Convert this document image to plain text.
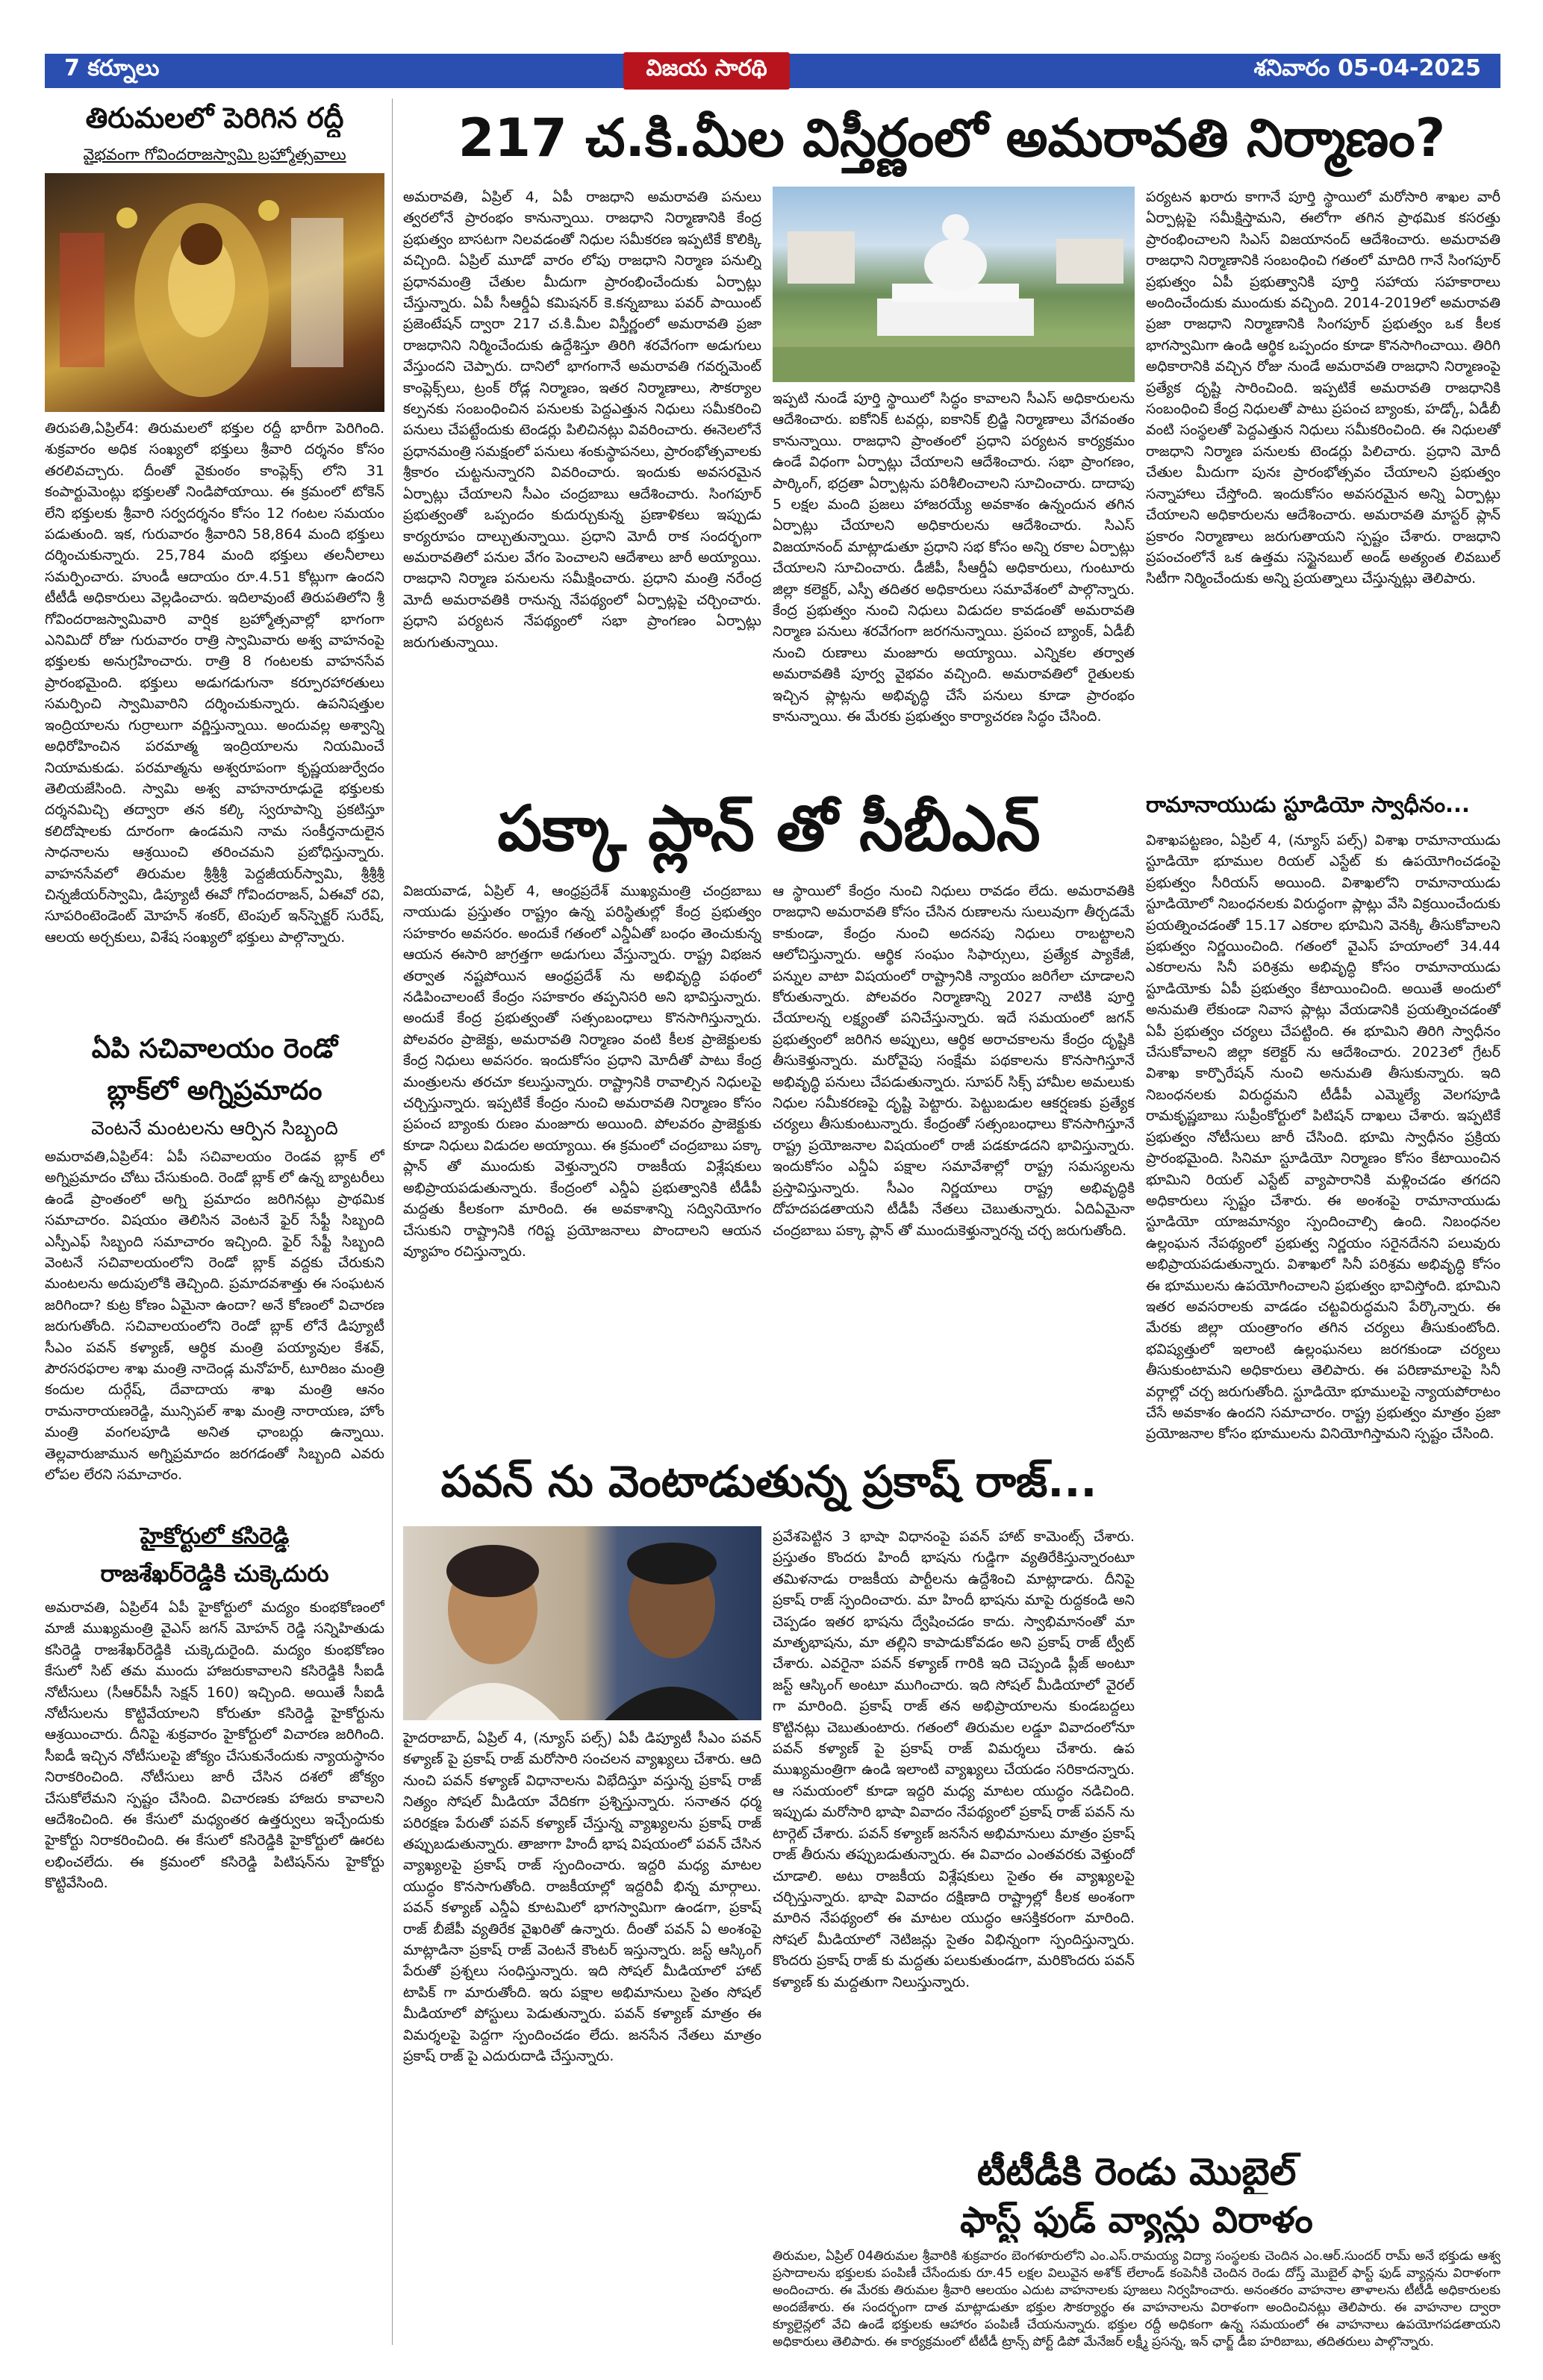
7 కర్నూలు	విజయ సారథి	శనివారం 05-04-2025
తిరుమలలో పెరిగిన రద్దీ
వైభవంగా గోవిందరాజస్వామి బ్రహ్మోత్సవాలు

తిరుపతి,ఏప్రిల్4: తిరుమలలో భక్తుల రద్దీ భారీగా పెరిగింది. శుక్రవారం అధిక సంఖ్యలో భక్తులు శ్రీవారి దర్శనం కోసం తరలివచ్చారు. దీంతో వైకుంఠం కాంప్లెక్స్ లోని 31 కంపార్టుమెంట్లు భక్తులతో నిండిపోయాయి. ఈ క్రమంలో టోకెన్ లేని భక్తులకు శ్రీవారి సర్వదర్శనం కోసం 12 గంటల సమయం పడుతుంది. ఇక, గురువారం శ్రీవారిని 58,864 మంది భక్తులు దర్శించుకున్నారు. 25,784 మంది భక్తులు తలనీలాలు సమర్పించారు. హుండీ ఆదాయం రూ.4.51 కోట్లుగా ఉందని టీటీడీ అధికారులు వెల్లడించారు. ఇదిలావుంటే తిరుపతిలోని శ్రీ గోవిందరాజస్వామివారి వార్షిక బ్రహ్మోత్సవాల్లో భాగంగా ఎనిమిదో రోజు గురువారం రాత్రి స్వామివారు అశ్వ వాహనంపై భక్తులకు అనుగ్రహించారు. రాత్రి 8 గంటలకు వాహనసేవ ప్రారంభమైంది. భక్తులు అడుగడుగునా కర్పూరహారతులు సమర్పించి స్వామివారిని దర్శించుకున్నారు. ఉపనిషత్తుల ఇంద్రియాలను గుర్రాలుగా వర్ణిస్తున్నాయి. అందువల్ల అశ్వాన్ని అధిరోహించిన పరమాత్మ ఇంద్రియాలను నియమించే నియామకుడు. పరమాత్మను అశ్వరూపంగా కృష్ణయజుర్వేదం తెలియజేసింది. స్వామి అశ్వ వాహనారూఢుడై భక్తులకు దర్శనమిచ్చి తద్వారా తన కల్కి స్వరూపాన్ని ప్రకటిస్తూ కలిదోషాలకు దూరంగా ఉండమని నామ సంకీర్తనాదులైన సాధనాలను ఆశ్రయించి తరించమని ప్రబోధిస్తున్నారు. వాహనసేవలో తిరుమల శ్రీశ్రీశ్రీ పెద్దజీయర్‌స్వామి, శ్రీశ్రీశ్రీ చిన్నజీయర్‌స్వామి, డిప్యూటీ ఈవో గోవిందరాజన్, ఏఈవో రవి, సూపరింటెండెంట్ మోహన్ శంకర్, టెంపుల్ ఇన్‌స్పెక్టర్ సురేష్, ఆలయ అర్చకులు, విశేష సంఖ్యలో భక్తులు పాల్గొన్నారు.

ఏపి సచివాలయం రెండో
బ్లాక్‌లో అగ్నిప్రమాదం
వెంటనే మంటలను ఆర్పిన సిబ్బంది

అమరావతి,ఏప్రిల్4: ఏపీ సచివాలయం రెండవ బ్లాక్ లో అగ్నిప్రమాదం చోటు చేసుకుంది. రెండో బ్లాక్ లో ఉన్న బ్యాటరీలు ఉండే ప్రాంతంలో అగ్ని ప్రమాదం జరిగినట్లు ప్రాథమిక సమాచారం. విషయం తెలిసిన వెంటనే ఫైర్ సేఫ్టీ సిబ్బంది ఎస్పీఎఫ్ సిబ్బంది సమాచారం ఇచ్చింది. ఫైర్ సేఫ్టీ సిబ్బంది వెంటనే సచివాలయంలోని రెండో బ్లాక్ వద్దకు చేరుకుని మంటలను అదుపులోకి తెచ్చింది. ప్రమాదవశాత్తు ఈ సంఘటన జరిగిందా? కుట్ర కోణం ఏమైనా ఉందా? అనే కోణంలో విచారణ జరుగుతోంది. సచివాలయంలోని రెండో బ్లాక్ లోనే డిప్యూటీ సీఎం పవన్ కళ్యాణ్, ఆర్థిక మంత్రి పయ్యావుల కేశవ్, పౌరసరఫరాల శాఖ మంత్రి నాదెండ్ల మనోహర్, టూరిజం మంత్రి కందుల దుర్గేష్, దేవాదాయ శాఖ మంత్రి ఆనం రామనారాయణరెడ్డి, మున్సిపల్ శాఖ మంత్రి నారాయణ, హోం మంత్రి వంగలపూడి అనిత ఛాంబర్లు ఉన్నాయి. తెల్లవారుజామున అగ్నిప్రమాదం జరగడంతో సిబ్బంది ఎవరు లోపల లేరని సమాచారం.

హైకోర్టులో కసిరెడ్డి
రాజశేఖర్‌రెడ్డికి చుక్కెదురు

అమరావతి, ఏప్రిల్4 ఏపీ హైకోర్టులో మద్యం కుంభకోణంలో మాజీ ముఖ్యమంత్రి వైఎస్ జగన్ మోహన్ రెడ్డి సన్నిహితుడు కసిరెడ్డి రాజశేఖర్‌రెడ్డికి చుక్కెదురైంది. మద్యం కుంభకోణం కేసులో సిట్ తమ ముందు హాజరుకావాలని కసిరెడ్డికి సీఐడీ నోటీసులు (సీఆర్‌పీసీ సెక్షన్ 160) ఇచ్చింది. అయితే సీఐడీ నోటీసులను కొట్టివేయాలని కోరుతూ కసిరెడ్డి హైకోర్టును ఆశ్రయించారు. దీనిపై శుక్రవారం హైకోర్టులో విచారణ జరిగింది. సీఐడీ ఇచ్చిన నోటీసులపై జోక్యం చేసుకునేందుకు న్యాయస్థానం నిరాకరించింది. నోటీసులు జారీ చేసిన దశలో జోక్యం చేసుకోలేమని స్పష్టం చేసింది. విచారణకు హాజరు కావాలని ఆదేశించింది. ఈ కేసులో మధ్యంతర ఉత్తర్వులు ఇచ్చేందుకు హైకోర్టు నిరాకరించింది. ఈ కేసులో కసిరెడ్డికి హైకోర్టులో ఊరట లభించలేదు. ఈ క్రమంలో కసిరెడ్డి పిటిషన్‌ను హైకోర్టు కొట్టివేసింది.

217 చ.కి.మీల విస్తీర్ణంలో అమరావతి నిర్మాణం?

అమరావతి, ఏప్రిల్ 4, ఏపీ రాజధాని అమరావతి పనులు త్వరలోనే ప్రారంభం కానున్నాయి. రాజధాని నిర్మాణానికి కేంద్ర ప్రభుత్వం బాసటగా నిలవడంతో నిధుల సమీకరణ ఇప్పటికే కొలిక్కి వచ్చింది. ఏప్రిల్ మూడో వారం లోపు రాజధాని నిర్మాణ పనుల్ని ప్రధానమంత్రి చేతుల మీదుగా ప్రారంభించేందుకు ఏర్పాట్లు చేస్తున్నారు. ఏపీ సీఆర్డీఏ కమిషనర్ కె.కన్నబాబు పవర్ పాయింట్ ప్రజెంటేషన్ ద్వారా 217 చ.కి.మీల విస్తీర్ణంలో అమరావతి ప్రజా రాజధానిని నిర్మించేందుకు ఉద్దేశిస్తూ తిరిగి శరవేగంగా అడుగులు వేస్తుందని చెప్పారు. దానిలో భాగంగానే అమరావతి గవర్నమెంట్ కాంప్లెక్స్‌లు, ట్రంక్ రోడ్ల నిర్మాణం, ఇతర నిర్మాణాలు, సౌకర్యాల కల్పనకు సంబంధించిన పనులకు పెద్దఎత్తున నిధులు సమీకరించి పనులు చేపట్టేందుకు టెండర్లు పిలిచినట్లు వివరించారు. ఈనెలలోనే ప్రధానమంత్రి సమక్షంలో పనులు శంకుస్థాపనలు, ప్రారంభోత్సవాలకు శ్రీకారం చుట్టనున్నారని వివరించారు. ఇందుకు అవసరమైన ఏర్పాట్లు చేయాలని సీఎం చంద్రబాబు ఆదేశించారు. సింగపూర్ ప్రభుత్వంతో ఒప్పందం కుదుర్చుకున్న ప్రణాళికలు ఇప్పుడు కార్యరూపం దాల్చుతున్నాయి. ప్రధాని మోదీ రాక సందర్భంగా అమరావతిలో పనుల వేగం పెంచాలని ఆదేశాలు జారీ అయ్యాయి. రాజధాని నిర్మాణ పనులను సమీక్షించారు. ప్రధాని మంత్రి నరేంద్ర మోదీ అమరావతికి రానున్న నేపథ్యంలో ఏర్పాట్లపై చర్చించారు. ప్రధాని పర్యటన నేపథ్యంలో సభా ప్రాంగణం ఏర్పాట్లు జరుగుతున్నాయి.

ఇప్పటి నుండే పూర్తి స్థాయిలో సిద్ధం కావాలని సీఎస్ అధికారులను ఆదేశించారు. ఐకోనిక్ టవర్లు, ఐకానిక్ బ్రిడ్జి నిర్మాణాలు వేగవంతం కానున్నాయి. రాజధాని ప్రాంతంలో ప్రధాని పర్యటన కార్యక్రమం ఉండే విధంగా ఏర్పాట్లు చేయాలని ఆదేశించారు. సభా ప్రాంగణం, పార్కింగ్, భద్రతా ఏర్పాట్లను పరిశీలించాలని సూచించారు. దాదాపు 5 లక్షల మంది ప్రజలు హాజరయ్యే అవకాశం ఉన్నందున తగిన ఏర్పాట్లు చేయాలని అధికారులను ఆదేశించారు. సిఎస్ విజయానంద్ మాట్లాడుతూ ప్రధాని సభ కోసం అన్ని రకాల ఏర్పాట్లు చేయాలని సూచించారు. డీజీపీ, సీఆర్డీఏ అధికారులు, గుంటూరు జిల్లా కలెక్టర్, ఎస్పీ తదితర అధికారులు సమావేశంలో పాల్గొన్నారు. కేంద్ర ప్రభుత్వం నుంచి నిధులు విడుదల కావడంతో అమరావతి నిర్మాణ పనులు శరవేగంగా జరగనున్నాయి. ప్రపంచ బ్యాంక్, ఏడీబీ నుంచి రుణాలు మంజూరు అయ్యాయి. ఎన్నికల తర్వాత అమరావతికి పూర్వ వైభవం వచ్చింది. అమరావతిలో రైతులకు ఇచ్చిన ప్లాట్లను అభివృద్ధి చేసే పనులు కూడా ప్రారంభం కానున్నాయి. ఈ మేరకు ప్రభుత్వం కార్యాచరణ సిద్ధం చేసింది.

పర్యటన ఖరారు కాగానే పూర్తి స్థాయిలో మరోసారి శాఖల వారీ ఏర్పాట్లపై సమీక్షిస్తామని, ఈలోగా తగిన ప్రాథమిక కసరత్తు ప్రారంభించాలని సిఎస్ విజయానంద్ ఆదేశించారు. అమరావతి రాజధాని నిర్మాణానికి సంబంధించి గతంలో మాదిరి గానే సింగపూర్ ప్రభుత్వం ఏపీ ప్రభుత్వానికి పూర్తి సహాయ సహకారాలు అందించేందుకు ముందుకు వచ్చింది. 2014-2019లో అమరావతి ప్రజా రాజధాని నిర్మాణానికి సింగపూర్ ప్రభుత్వం ఒక కీలక భాగస్వామిగా ఉండి ఆర్థిక ఒప్పందం కూడా కొనసాగించాయి. తిరిగి అధికారానికి వచ్చిన రోజు నుండే అమరావతి రాజధాని నిర్మాణంపై ప్రత్యేక దృష్టి సారించింది. ఇప్పటికే అమరావతి రాజధానికి సంబంధించి కేంద్ర నిధులతో పాటు ప్రపంచ బ్యాంకు, హడ్కో, ఏడీబీ వంటి సంస్థలతో పెద్దఎత్తున నిధులు సమీకరించింది. ఈ నిధులతో రాజధాని నిర్మాణ పనులకు టెండర్లు పిలిచారు. ప్రధాని మోదీ చేతుల మీదుగా పునః ప్రారంభోత్సవం చేయాలని ప్రభుత్వం సన్నాహాలు చేస్తోంది. ఇందుకోసం అవసరమైన అన్ని ఏర్పాట్లు చేయాలని అధికారులను ఆదేశించారు. అమరావతి మాస్టర్ ప్లాన్ ప్రకారం నిర్మాణాలు జరుగుతాయని స్పష్టం చేశారు. రాజధాని ప్రపంచంలోనే ఒక ఉత్తమ సస్టైనబుల్ అండ్ అత్యంత లివబుల్ సిటీగా నిర్మించేందుకు అన్ని ప్రయత్నాలు చేస్తున్నట్లు తెలిపారు.

పక్కా ప్లాన్ తో సీబీఎన్

విజయవాడ, ఏప్రిల్ 4, ఆంధ్రప్రదేశ్ ముఖ్యమంత్రి చంద్రబాబు నాయుడు ప్రస్తుతం రాష్ట్రం ఉన్న పరిస్థితుల్లో కేంద్ర ప్రభుత్వం సహకారం అవసరం. అందుకే గతంలో ఎన్డీఏతో బంధం తెంచుకున్న ఆయన ఈసారి జాగ్రత్తగా అడుగులు వేస్తున్నారు. రాష్ట్ర విభజన తర్వాత నష్టపోయిన ఆంధ్రప్రదేశ్ ను అభివృద్ధి పథంలో నడిపించాలంటే కేంద్రం సహకారం తప్పనిసరి అని భావిస్తున్నారు. అందుకే కేంద్ర ప్రభుత్వంతో సత్సంబంధాలు కొనసాగిస్తున్నారు. పోలవరం ప్రాజెక్టు, అమరావతి నిర్మాణం వంటి కీలక ప్రాజెక్టులకు కేంద్ర నిధులు అవసరం. ఇందుకోసం ప్రధాని మోదీతో పాటు కేంద్ర మంత్రులను తరచూ కలుస్తున్నారు. రాష్ట్రానికి రావాల్సిన నిధులపై చర్చిస్తున్నారు. ఇప్పటికే కేంద్రం నుంచి అమరావతి నిర్మాణం కోసం ప్రపంచ బ్యాంకు రుణం మంజూరు అయింది. పోలవరం ప్రాజెక్టుకు కూడా నిధులు విడుదల అయ్యాయి. ఈ క్రమంలో చంద్రబాబు పక్కా ప్లాన్ తో ముందుకు వెళ్తున్నారని రాజకీయ విశ్లేషకులు అభిప్రాయపడుతున్నారు. కేంద్రంలో ఎన్డీఏ ప్రభుత్వానికి టీడీపీ మద్దతు కీలకంగా మారింది. ఈ అవకాశాన్ని సద్వినియోగం చేసుకుని రాష్ట్రానికి గరిష్ట ప్రయోజనాలు పొందాలని ఆయన వ్యూహం రచిస్తున్నారు.

ఆ స్థాయిలో కేంద్రం నుంచి నిధులు రావడం లేదు. అమరావతికి రాజధాని అమరావతి కోసం చేసిన రుణాలను సులువుగా తీర్చడమే కాకుండా, కేంద్రం నుంచి అదనపు నిధులు రాబట్టాలని ఆలోచిస్తున్నారు. ఆర్థిక సంఘం సిఫార్సులు, ప్రత్యేక ప్యాకేజీ, పన్నుల వాటా విషయంలో రాష్ట్రానికి న్యాయం జరిగేలా చూడాలని కోరుతున్నారు. పోలవరం నిర్మాణాన్ని 2027 నాటికి పూర్తి చేయాలన్న లక్ష్యంతో పనిచేస్తున్నారు. ఇదే సమయంలో జగన్ ప్రభుత్వంలో జరిగిన అప్పులు, ఆర్థిక అరాచకాలను కేంద్రం దృష్టికి తీసుకెళ్తున్నారు. మరోవైపు సంక్షేమ పథకాలను కొనసాగిస్తూనే అభివృద్ధి పనులు చేపడుతున్నారు. సూపర్ సిక్స్ హామీల అమలుకు నిధుల సమీకరణపై దృష్టి పెట్టారు. పెట్టుబడుల ఆకర్షణకు ప్రత్యేక చర్యలు తీసుకుంటున్నారు. కేంద్రంతో సత్సంబంధాలు కొనసాగిస్తూనే రాష్ట్ర ప్రయోజనాల విషయంలో రాజీ పడకూడదని భావిస్తున్నారు. ఇందుకోసం ఎన్డీఏ పక్షాల సమావేశాల్లో రాష్ట్ర సమస్యలను ప్రస్తావిస్తున్నారు. సీఎం నిర్ణయాలు రాష్ట్ర అభివృద్ధికి దోహదపడతాయని టీడీపీ నేతలు చెబుతున్నారు. ఏదిఏమైనా చంద్రబాబు పక్కా ప్లాన్ తో ముందుకెళ్తున్నారన్న చర్చ జరుగుతోంది.

రామానాయుడు స్టూడియో స్వాధీనం...

విశాఖపట్టణం, ఏప్రిల్ 4, (న్యూస్ పల్స్) విశాఖ రామానాయుడు స్టూడియో భూముల రియల్ ఎస్టేట్ కు ఉపయోగించడంపై ప్రభుత్వం సీరియస్ అయింది. విశాఖలోని రామానాయుడు స్టూడియోలో నిబంధనలకు విరుద్ధంగా ప్లాట్లు వేసి విక్రయించేందుకు ప్రయత్నించడంతో 15.17 ఎకరాల భూమిని వెనక్కి తీసుకోవాలని ప్రభుత్వం నిర్ణయించింది. గతంలో వైఎస్ హయాంలో 34.44 ఎకరాలను సినీ పరిశ్రమ అభివృద్ధి కోసం రామానాయుడు స్టూడియోకు ఏపీ ప్రభుత్వం కేటాయించింది. అయితే అందులో అనుమతి లేకుండా నివాస ప్లాట్లు వేయడానికి ప్రయత్నించడంతో ఏపీ ప్రభుత్వం చర్యలు చేపట్టింది. ఈ భూమిని తిరిగి స్వాధీనం చేసుకోవాలని జిల్లా కలెక్టర్ ను ఆదేశించారు. 2023లో గ్రేటర్ విశాఖ కార్పొరేషన్ నుంచి అనుమతి తీసుకున్నారు. ఇది నిబంధనలకు విరుద్ధమని టీడీపీ ఎమ్మెల్యే వెలగపూడి రామకృష్ణబాబు సుప్రీంకోర్టులో పిటిషన్ దాఖలు చేశారు. ఇప్పటికే ప్రభుత్వం నోటీసులు జారీ చేసింది. భూమి స్వాధీనం ప్రక్రియ ప్రారంభమైంది. సినిమా స్టూడియో నిర్మాణం కోసం కేటాయించిన భూమిని రియల్ ఎస్టేట్ వ్యాపారానికి మళ్లించడం తగదని అధికారులు స్పష్టం చేశారు. ఈ అంశంపై రామానాయుడు స్టూడియో యాజమాన్యం స్పందించాల్సి ఉంది. నిబంధనల ఉల్లంఘన నేపథ్యంలో ప్రభుత్వ నిర్ణయం సరైనదేనని పలువురు అభిప్రాయపడుతున్నారు. విశాఖలో సినీ పరిశ్రమ అభివృద్ధి కోసం ఈ భూములను ఉపయోగించాలని ప్రభుత్వం భావిస్తోంది. భూమిని ఇతర అవసరాలకు వాడడం చట్టవిరుద్ధమని పేర్కొన్నారు. ఈ మేరకు జిల్లా యంత్రాంగం తగిన చర్యలు తీసుకుంటోంది. భవిష్యత్తులో ఇలాంటి ఉల్లంఘనలు జరగకుండా చర్యలు తీసుకుంటామని అధికారులు తెలిపారు. ఈ పరిణామాలపై సినీ వర్గాల్లో చర్చ జరుగుతోంది. స్టూడియో భూములపై న్యాయపోరాటం చేసే అవకాశం ఉందని సమాచారం. రాష్ట్ర ప్రభుత్వం మాత్రం ప్రజా ప్రయోజనాల కోసం భూములను వినియోగిస్తామని స్పష్టం చేసింది.

పవన్ ను వెంటాడుతున్న ప్రకాష్ రాజ్...

హైదరాబాద్, ఏప్రిల్ 4, (న్యూస్ పల్స్) ఏపీ డిప్యూటీ సీఎం పవన్ కళ్యాణ్ పై ప్రకాష్ రాజ్ మరోసారి సంచలన వ్యాఖ్యలు చేశారు. ఆది నుంచి పవన్ కళ్యాణ్ విధానాలను విభేదిస్తూ వస్తున్న ప్రకాష్ రాజ్ నిత్యం సోషల్ మీడియా వేదికగా ప్రశ్నిస్తున్నారు. సనాతన ధర్మ పరిరక్షణ పేరుతో పవన్ కళ్యాణ్ చేస్తున్న వ్యాఖ్యలను ప్రకాష్ రాజ్ తప్పుబడుతున్నారు. తాజాగా హిందీ భాష విషయంలో పవన్ చేసిన వ్యాఖ్యలపై ప్రకాష్ రాజ్ స్పందించారు. ఇద్దరి మధ్య మాటల యుద్ధం కొనసాగుతోంది. రాజకీయాల్లో ఇద్దరివీ భిన్న మార్గాలు. పవన్ కళ్యాణ్ ఎన్డీఏ కూటమిలో భాగస్వామిగా ఉండగా, ప్రకాష్ రాజ్ బీజేపీ వ్యతిరేక వైఖరితో ఉన్నారు. దీంతో పవన్ ఏ అంశంపై మాట్లాడినా ప్రకాష్ రాజ్ వెంటనే కౌంటర్ ఇస్తున్నారు. జస్ట్ ఆస్కింగ్ పేరుతో ప్రశ్నలు సంధిస్తున్నారు. ఇది సోషల్ మీడియాలో హాట్ టాపిక్ గా మారుతోంది. ఇరు పక్షాల అభిమానులు సైతం సోషల్ మీడియాలో పోస్టులు పెడుతున్నారు. పవన్ కళ్యాణ్ మాత్రం ఈ విమర్శలపై పెద్దగా స్పందించడం లేదు. జనసేన నేతలు మాత్రం ప్రకాష్ రాజ్ పై ఎదురుదాడి చేస్తున్నారు.

ప్రవేశపెట్టిన 3 భాషా విధానంపై పవన్ హాట్ కామెంట్స్ చేశారు. ప్రస్తుతం కొందరు హిందీ భాషను గుడ్డిగా వ్యతిరేకిస్తున్నారంటూ తమిళనాడు రాజకీయ పార్టీలను ఉద్దేశించి మాట్లాడారు. దీనిపై ప్రకాష్ రాజ్ స్పందించారు. మా హిందీ భాషను మాపై రుద్దకండి అని చెప్పడం ఇతర భాషను ద్వేషించడం కాదు. స్వాభిమానంతో మా మాతృభాషను, మా తల్లిని కాపాడుకోవడం అని ప్రకాష్ రాజ్ ట్వీట్ చేశారు. ఎవరైనా పవన్ కళ్యాణ్ గారికి ఇది చెప్పండి ప్లీజ్ అంటూ జస్ట్ ఆస్కింగ్ అంటూ ముగించారు. ఇది సోషల్ మీడియాలో వైరల్ గా మారింది. ప్రకాష్ రాజ్ తన అభిప్రాయాలను కుండబద్దలు కొట్టినట్లు చెబుతుంటారు. గతంలో తిరుమల లడ్డూ వివాదంలోనూ పవన్ కళ్యాణ్ పై ప్రకాష్ రాజ్ విమర్శలు చేశారు. ఉప ముఖ్యమంత్రిగా ఉండి ఇలాంటి వ్యాఖ్యలు చేయడం సరికాదన్నారు. ఆ సమయంలో కూడా ఇద్దరి మధ్య మాటల యుద్ధం నడిచింది. ఇప్పుడు మరోసారి భాషా వివాదం నేపథ్యంలో ప్రకాష్ రాజ్ పవన్ ను టార్గెట్ చేశారు. పవన్ కళ్యాణ్ జనసేన అభిమానులు మాత్రం ప్రకాష్ రాజ్ తీరును తప్పుబడుతున్నారు. ఈ వివాదం ఎంతవరకు వెళ్తుందో చూడాలి. అటు రాజకీయ విశ్లేషకులు సైతం ఈ వ్యాఖ్యలపై చర్చిస్తున్నారు. భాషా వివాదం దక్షిణాది రాష్ట్రాల్లో కీలక అంశంగా మారిన నేపథ్యంలో ఈ మాటల యుద్ధం ఆసక్తికరంగా మారింది. సోషల్ మీడియాలో నెటిజన్లు సైతం విభిన్నంగా స్పందిస్తున్నారు. కొందరు ప్రకాష్ రాజ్ కు మద్దతు పలుకుతుండగా, మరికొందరు పవన్ కళ్యాణ్ కు మద్దతుగా నిలుస్తున్నారు.

టీటీడీకి రెండు మొబైల్
ఫాస్ట్ ఫుడ్ వ్యాన్లు విరాళం

తిరుమల, ఏప్రిల్ 04తిరుమల శ్రీవారికి శుక్రవారం బెంగళూరులోని ఎం.ఎస్.రామయ్య విద్యా సంస్థలకు చెందిన ఎం.ఆర్.సుందర్ రామ్ అనే భక్తుడు ఆశ్వ ప్రసాదాలను భక్తులకు పంపిణీ చేసేందుకు రూ.45 లక్షల విలువైన అశోక్ లేలాండ్ కంపెనీకి చెందిన రెండు దోస్త్ మొబైల్ ఫాస్ట్ ఫుడ్ వ్యాన్లను విరాళంగా అందించారు. ఈ మేరకు తిరుమల శ్రీవారి ఆలయం ఎదుట వాహనాలకు పూజలు నిర్వహించారు. అనంతరం వాహనాల తాళాలను టీటీడీ అధికారులకు అందజేశారు. ఈ సందర్భంగా దాత మాట్లాడుతూ భక్తుల సౌకర్యార్థం ఈ వాహనాలను విరాళంగా అందించినట్లు తెలిపారు. ఈ వాహనాల ద్వారా క్యూలైన్లలో వేచి ఉండే భక్తులకు ఆహారం పంపిణీ చేయనున్నారు. భక్తుల రద్దీ అధికంగా ఉన్న సమయంలో ఈ వాహనాలు ఉపయోగపడతాయని అధికారులు తెలిపారు. ఈ కార్యక్రమంలో టీటీడీ ట్రాన్స్ పోర్ట్ డిపో మేనేజర్ లక్ష్మీ ప్రసన్న, ఇన్ ఛార్జ్ డీఐ హరిబాబు, తదితరులు పాల్గొన్నారు.
